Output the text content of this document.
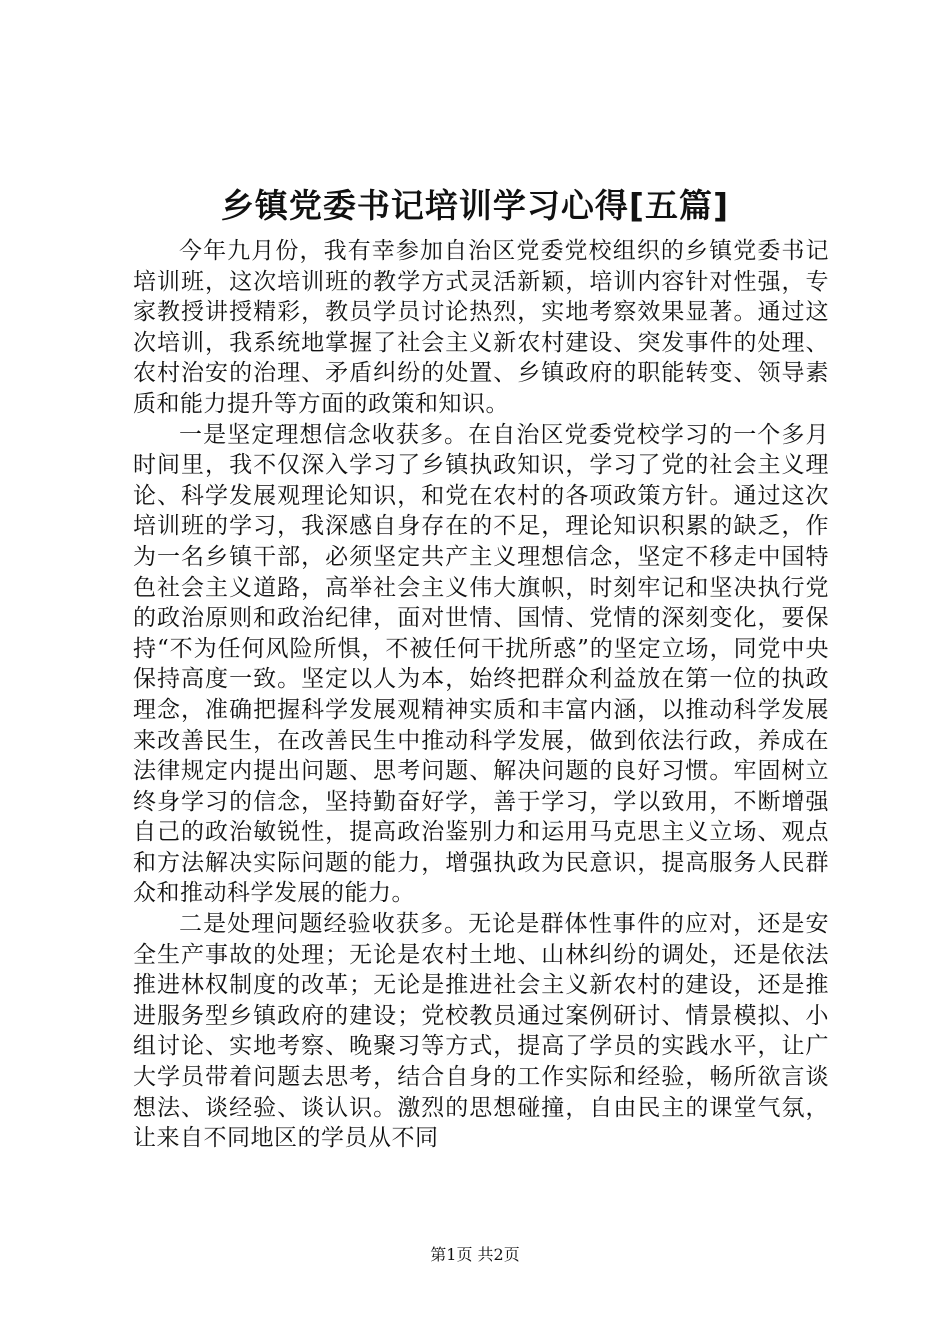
乡镇党委书记培训学习心得[五篇]

今年九月份，我有幸参加自治区党委党校组织的乡镇党委书记培训班，这次培训班的教学方式灵活新颖，培训内容针对性强，专家教授讲授精彩，教员学员讨论热烈，实地考察效果显著。通过这次培训，我系统地掌握了社会主义新农村建设、突发事件的处理、农村治安的治理、矛盾纠纷的处置、乡镇政府的职能转变、领导素质和能力提升等方面的政策和知识。

一是坚定理想信念收获多。在自治区党委党校学习的一个多月时间里，我不仅深入学习了乡镇执政知识，学习了党的社会主义理论、科学发展观理论知识，和党在农村的各项政策方针。通过这次培训班的学习，我深感自身存在的不足，理论知识积累的缺乏，作为一名乡镇干部，必须坚定共产主义理想信念，坚定不移走中国特色社会主义道路，高举社会主义伟大旗帜，时刻牢记和坚决执行党的政治原则和政治纪律，面对世情、国情、党情的深刻变化，要保持“不为任何风险所惧，不被任何干扰所惑”的坚定立场，同党中央保持高度一致。坚定以人为本，始终把群众利益放在第一位的执政理念，准确把握科学发展观精神实质和丰富内涵，以推动科学发展来改善民生，在改善民生中推动科学发展，做到依法行政，养成在法律规定内提出问题、思考问题、解决问题的良好习惯。牢固树立终身学习的信念，坚持勤奋好学，善于学习，学以致用，不断增强自己的政治敏锐性，提高政治鉴别力和运用马克思主义立场、观点和方法解决实际问题的能力，增强执政为民意识，提高服务人民群众和推动科学发展的能力。

二是处理问题经验收获多。无论是群体性事件的应对，还是安全生产事故的处理；无论是农村土地、山林纠纷的调处，还是依法推进林权制度的改革；无论是推进社会主义新农村的建设，还是推进服务型乡镇政府的建设；党校教员通过案例研讨、情景模拟、小组讨论、实地考察、晚聚习等方式，提高了学员的实践水平，让广大学员带着问题去思考，结合自身的工作实际和经验，畅所欲言谈想法、谈经验、谈认识。激烈的思想碰撞，自由民主的课堂气氛，让来自不同地区的学员从不同

第1页 共2页
